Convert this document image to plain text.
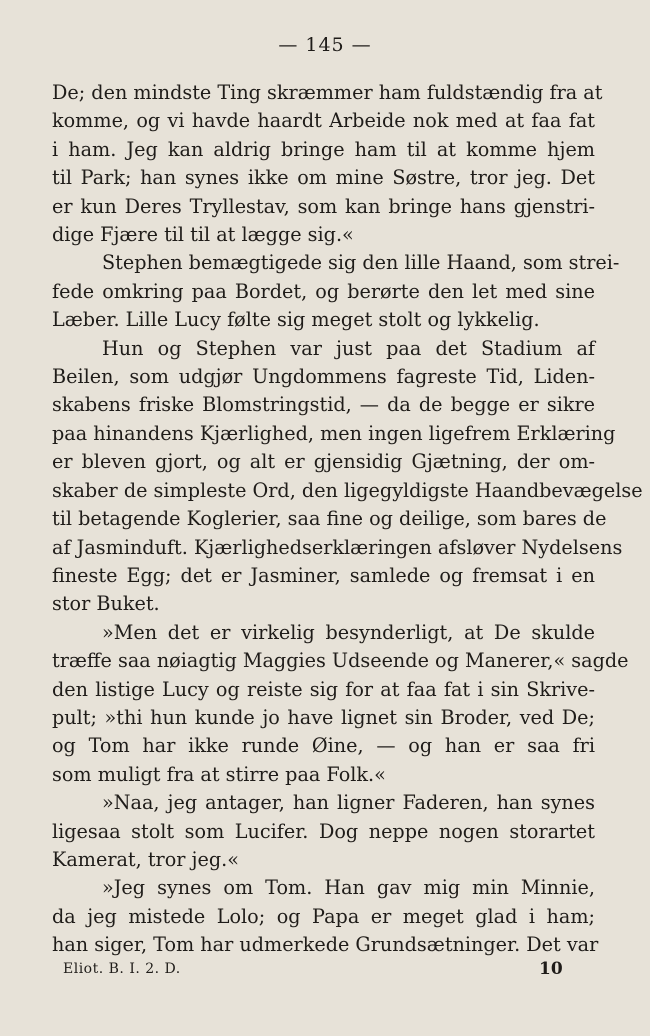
— 145 —
De; den mindste Ting skræmmer ham fuldstændig fra at
komme, og vi havde haardt Arbeide nok med at faa fat
i ham. Jeg kan aldrig bringe ham til at komme hjem
til Park; han synes ikke om mine Søstre, tror jeg. Det
er kun Deres Tryllestav, som kan bringe hans gjenstri-
dige Fjære til til at lægge sig.«
Stephen bemægtigede sig den lille Haand, som strei-
fede omkring paa Bordet, og berørte den let med sine
Læber. Lille Lucy følte sig meget stolt og lykkelig.
Hun og Stephen var just paa det Stadium af
Beilen, som udgjør Ungdommens fagreste Tid, Liden-
skabens friske Blomstringstid, — da de begge er sikre
paa hinandens Kjærlighed, men ingen ligefrem Erklæring
er bleven gjort, og alt er gjensidig Gjætning, der om-
skaber de simpleste Ord, den ligegyldigste Haandbevægelse
til betagende Koglerier, saa fine og deilige, som bares de
af Jasminduft. Kjærlighedserklæringen afsløver Nydelsens
fineste Egg; det er Jasminer, samlede og fremsat i en
stor Buket.
»Men det er virkelig besynderligt, at De skulde
træffe saa nøiagtig Maggies Udseende og Manerer,« sagde
den listige Lucy og reiste sig for at faa fat i sin Skrive-
pult; »thi hun kunde jo have lignet sin Broder, ved De;
og Tom har ikke runde Øine, — og han er saa fri
som muligt fra at stirre paa Folk.«
»Naa, jeg antager, han ligner Faderen, han synes
ligesaa stolt som Lucifer. Dog neppe nogen storartet
Kamerat, tror jeg.«
»Jeg synes om Tom. Han gav mig min Minnie,
da jeg mistede Lolo; og Papa er meget glad i ham;
han siger, Tom har udmerkede Grundsætninger. Det var
Eliot. B. I. 2. D.	10
